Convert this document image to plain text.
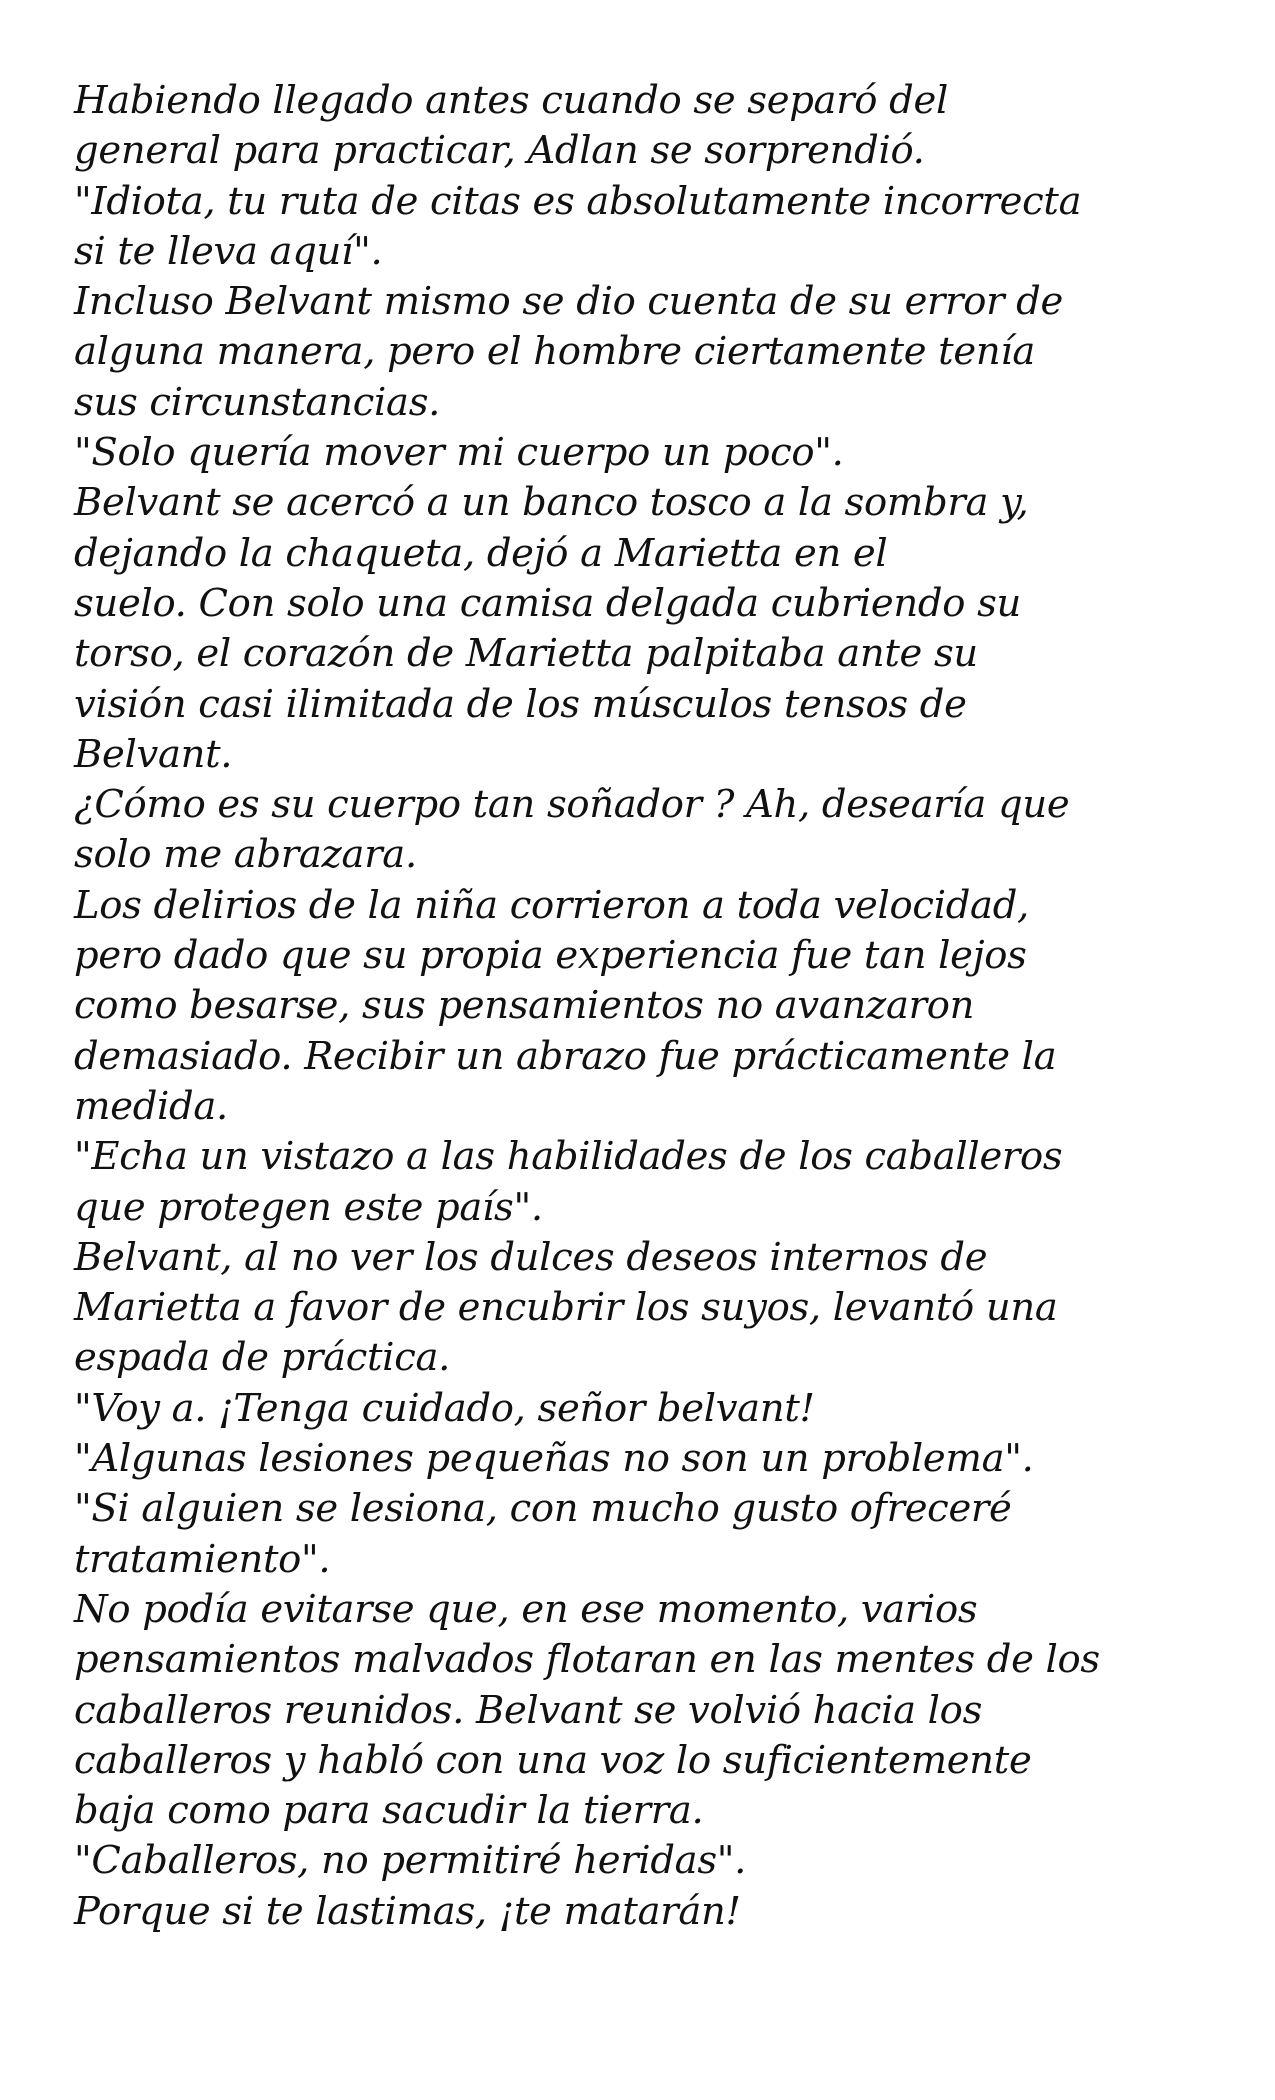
Habiendo llegado antes cuando se separó del

general para practicar, Adlan se sorprendió.

"Idiota, tu ruta de citas es absolutamente incorrecta

si te lleva aquí".

Incluso Belvant mismo se dio cuenta de su error de

alguna manera, pero el hombre ciertamente tenía

sus circunstancias.

"Solo quería mover mi cuerpo un poco".

Belvant se acercó a un banco tosco a la sombra y,

dejando la chaqueta, dejó a Marietta en el

suelo. Con solo una camisa delgada cubriendo su

torso, el corazón de Marietta palpitaba ante su

visión casi ilimitada de los músculos tensos de

Belvant.

¿Cómo es su cuerpo tan soñador ? Ah, desearía que

solo me abrazara.

Los delirios de la niña corrieron a toda velocidad,

pero dado que su propia experiencia fue tan lejos

como besarse, sus pensamientos no avanzaron

demasiado. Recibir un abrazo fue prácticamente la

medida.

"Echa un vistazo a las habilidades de los caballeros

que protegen este país".

Belvant, al no ver los dulces deseos internos de

Marietta a favor de encubrir los suyos, levantó una

espada de práctica.

"Voy a. ¡Tenga cuidado, señor belvant!

"Algunas lesiones pequeñas no son un problema".

"Si alguien se lesiona, con mucho gusto ofreceré

tratamiento".

No podía evitarse que, en ese momento, varios

pensamientos malvados flotaran en las mentes de los

caballeros reunidos. Belvant se volvió hacia los

caballeros y habló con una voz lo suficientemente

baja como para sacudir la tierra.

"Caballeros, no permitiré heridas".

Porque si te lastimas, ¡te matarán!
